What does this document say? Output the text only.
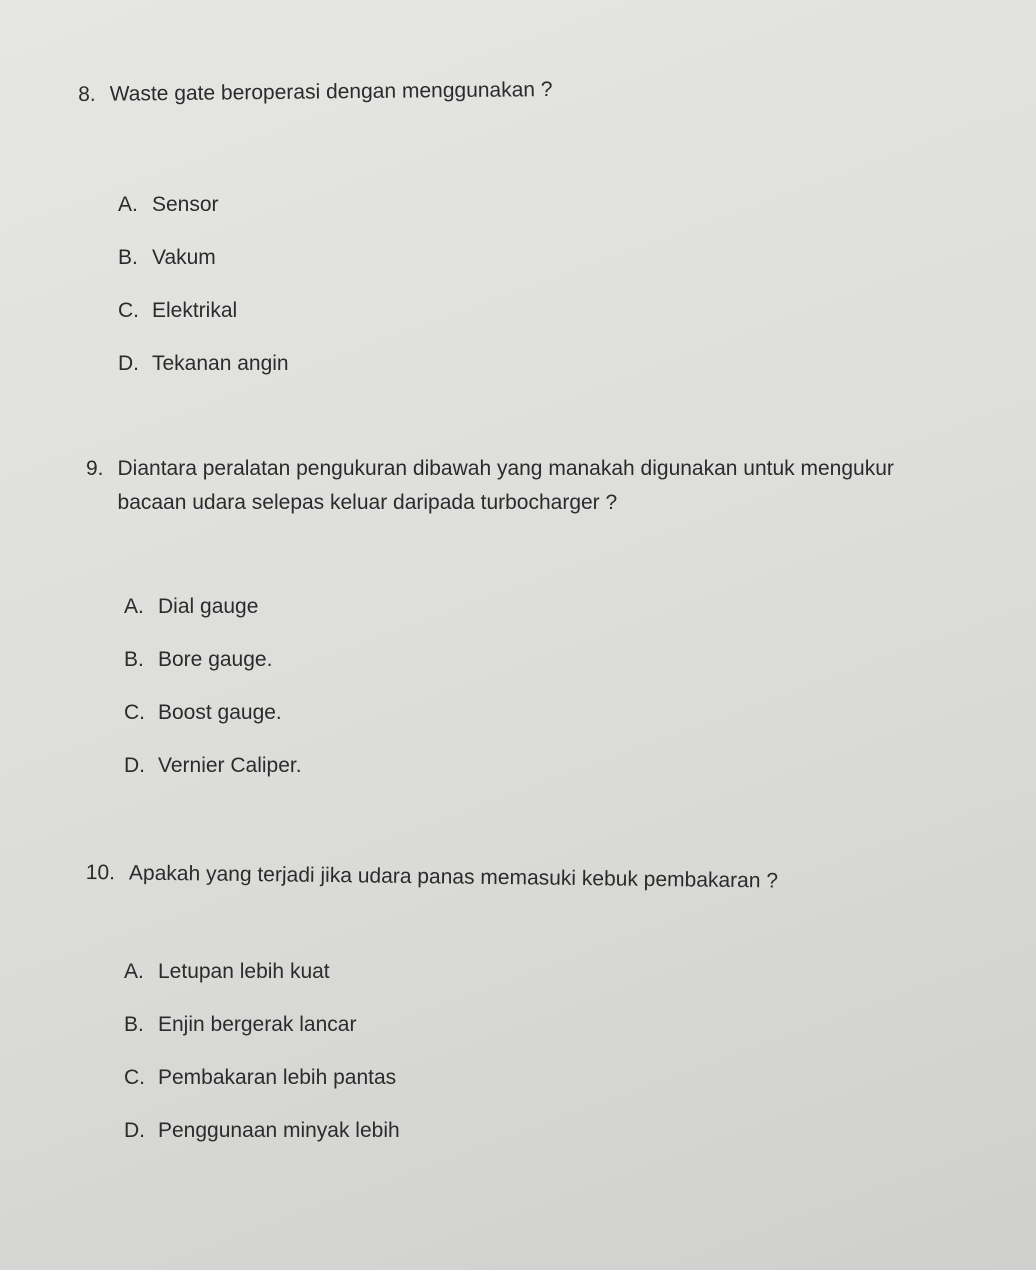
8. Waste gate beroperasi dengan menggunakan ?
A. Sensor
B. Vakum
C. Elektrikal
D. Tekanan angin
9. Diantara peralatan pengukuran dibawah yang manakah digunakan untuk mengukur bacaan udara selepas keluar daripada turbocharger ?
A. Dial gauge
B. Bore gauge.
C. Boost gauge.
D. Vernier Caliper.
10. Apakah yang terjadi jika udara panas memasuki kebuk pembakaran ?
A. Letupan lebih kuat
B. Enjin bergerak lancar
C. Pembakaran lebih pantas
D. Penggunaan minyak lebih
